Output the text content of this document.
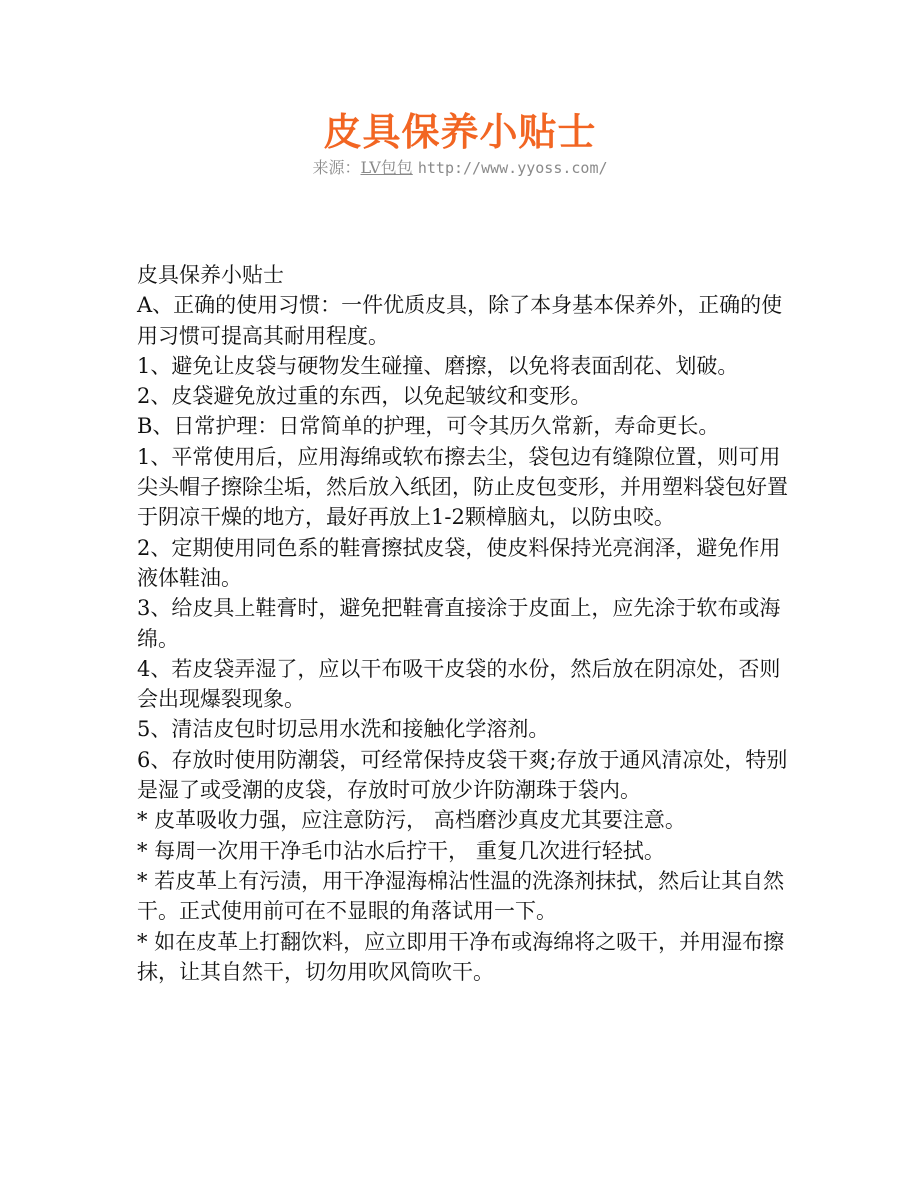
皮具保养小贴士
来源：LV包包 http://www.yyoss.com/

皮具保养小贴士

A、正确的使用习惯：一件优质皮具，除了本身基本保养外，正确的使用习惯可提高其耐用程度。

1、避免让皮袋与硬物发生碰撞、磨擦，以免将表面刮花、划破。

2、皮袋避免放过重的东西，以免起皱纹和变形。

B、日常护理：日常简单的护理，可令其历久常新，寿命更长。

1、平常使用后，应用海绵或软布擦去尘，袋包边有缝隙位置，则可用尖头帽子擦除尘垢，然后放入纸团，防止皮包变形，并用塑料袋包好置于阴凉干燥的地方，最好再放上1-2颗樟脑丸，以防虫咬。

2、定期使用同色系的鞋膏擦拭皮袋，使皮料保持光亮润泽，避免作用液体鞋油。

3、给皮具上鞋膏时，避免把鞋膏直接涂于皮面上，应先涂于软布或海绵。

4、若皮袋弄湿了，应以干布吸干皮袋的水份，然后放在阴凉处，否则会出现爆裂现象。

5、清洁皮包时切忌用水洗和接触化学溶剂。

6、存放时使用防潮袋，可经常保持皮袋干爽;存放于通风清凉处，特别是湿了或受潮的皮袋，存放时可放少许防潮珠于袋内。

* 皮革吸收力强，应注意防污， 高档磨沙真皮尤其要注意。

* 每周一次用干净毛巾沾水后拧干， 重复几次进行轻拭。

* 若皮革上有污渍，用干净湿海棉沾性温的洗涤剂抹拭，然后让其自然干。正式使用前可在不显眼的角落试用一下。

* 如在皮革上打翻饮料，应立即用干净布或海绵将之吸干，并用湿布擦抹，让其自然干，切勿用吹风筒吹干。
